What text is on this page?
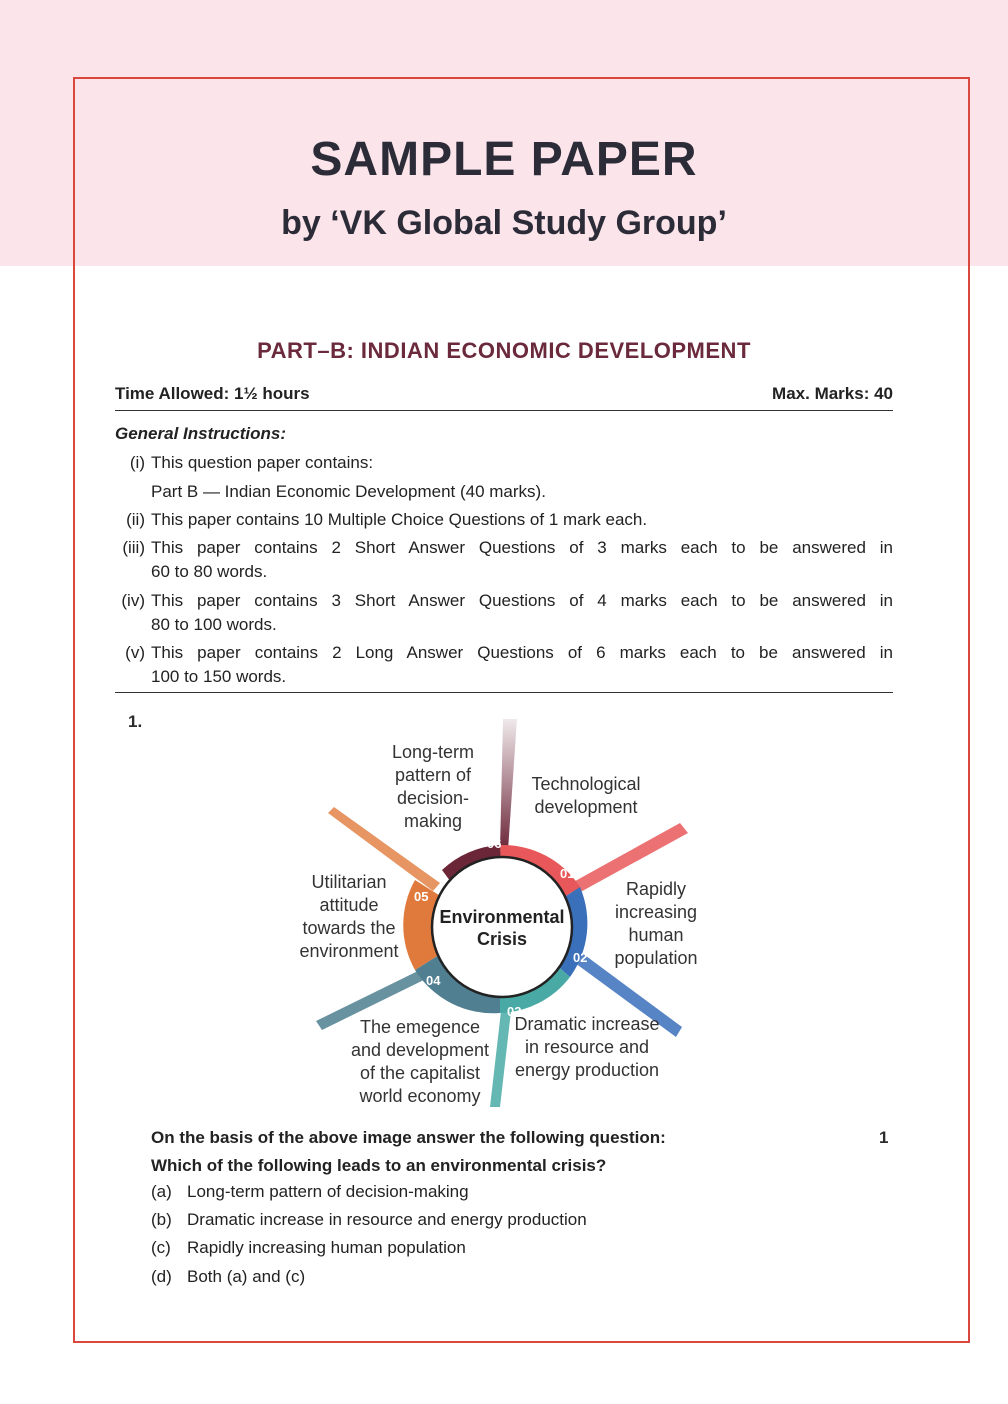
SAMPLE PAPER
by ‘VK Global Study Group’
PART–B: INDIAN ECONOMIC DEVELOPMENT
Time Allowed: 1½ hours	Max. Marks: 40
General Instructions:
(i) This question paper contains:
Part B — Indian Economic Development (40 marks).
(ii) This paper contains 10 Multiple Choice Questions of 1 mark each.
(iii) This paper contains 2 Short Answer Questions of 3 marks each to be answered in
60 to 80 words.
(iv) This paper contains 3 Short Answer Questions of 4 marks each to be answered in
80 to 100 words.
(v) This paper contains 2 Long Answer Questions of 6 marks each to be answered in
100 to 150 words.
1.
06
01
02
03
04
05
Environmental
Crisis
Long-term pattern of decision-making
Technological development
Rapidly increasing human population
Dramatic increase in resource and energy production
The emegence and development of the capitalist world economy
Utilitarian attitude towards the environment
On the basis of the above image answer the following question:	1
Which of the following leads to an environmental crisis?
(a) Long-term pattern of decision-making
(b) Dramatic increase in resource and energy production
(c) Rapidly increasing human population
(d) Both (a) and (c)
